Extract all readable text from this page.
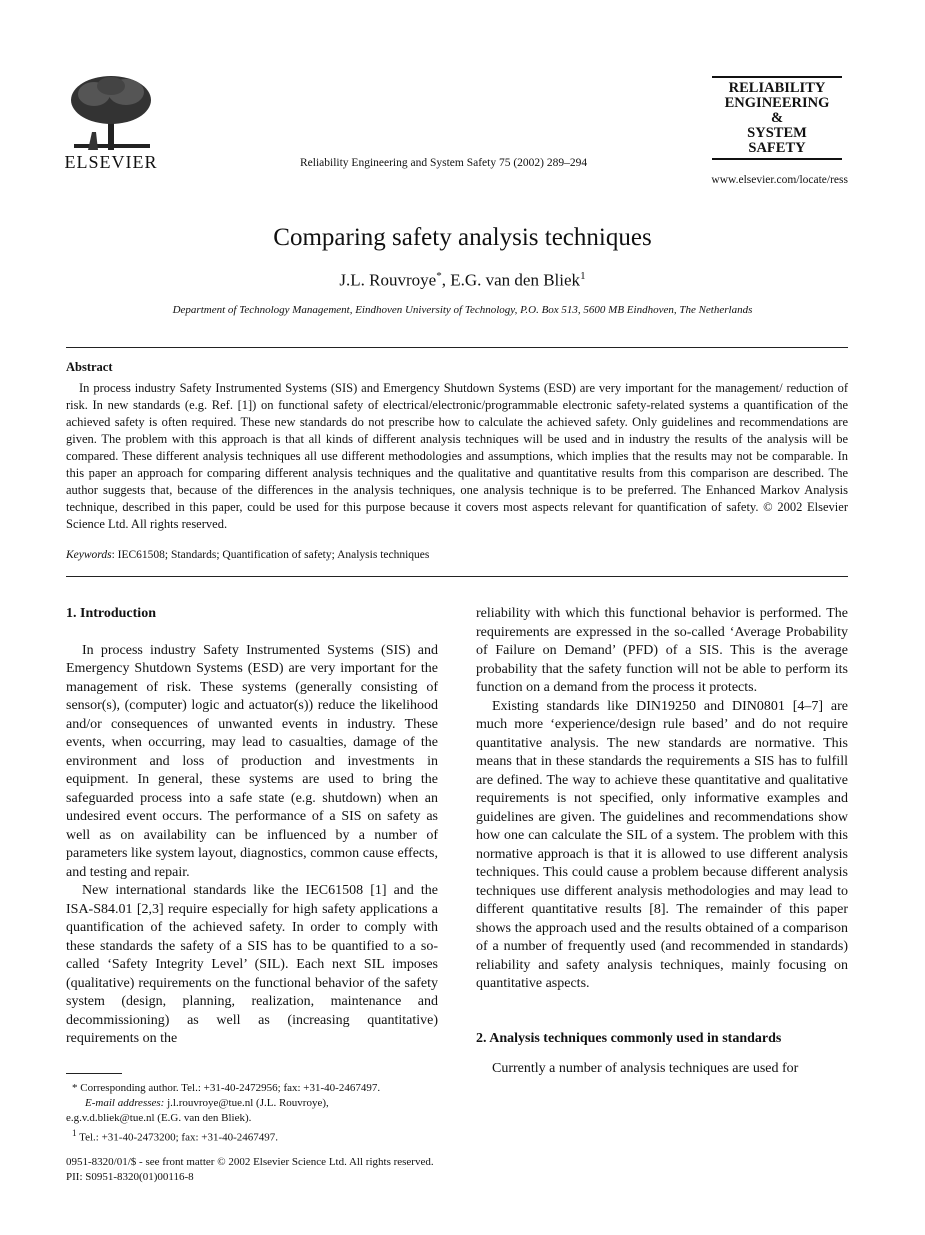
ELSEVIER	Reliability Engineering and System Safety 75 (2002) 289–294
RELIABILITY
ENGINEERING
&
SYSTEM
SAFETY
www.elsevier.com/locate/ress
Comparing safety analysis techniques
J.L. Rouvroye*, E.G. van den Bliek$^1$
Department of Technology Management, Eindhoven University of Technology, P.O. Box 513, 5600 MB Eindhoven, The Netherlands
Abstract
In process industry Safety Instrumented Systems (SIS) and Emergency Shutdown Systems (ESD) are very important for the management/ reduction of risk. In new standards (e.g. Ref. [1]) on functional safety of electrical/electronic/programmable electronic safety-related systems a quantification of the achieved safety is often required. These new standards do not prescribe how to calculate the achieved safety. Only guidelines and recommendations are given. The problem with this approach is that all kinds of different analysis techniques will be used and in industry the results of the analysis will be compared. These different analysis techniques all use different methodologies and assumptions, which implies that the results may not be comparable. In this paper an approach for comparing different analysis techniques and the qualitative and quantitative results from this comparison are described. The author suggests that, because of the differences in the analysis techniques, one analysis technique is to be preferred. The Enhanced Markov Analysis technique, described in this paper, could be used for this purpose because it covers most aspects relevant for quantification of safety. © 2002 Elsevier Science Ltd. All rights reserved.
Keywords: IEC61508; Standards; Quantification of safety; Analysis techniques
1. Introduction

In process industry Safety Instrumented Systems (SIS) and Emergency Shutdown Systems (ESD) are very important for the management of risk. These systems (generally consisting of sensor(s), (computer) logic and actuator(s)) reduce the likelihood and/or consequences of unwanted events in industry. These events, when occurring, may lead to casualties, damage of the environment and loss of production and investments in equipment. In general, these systems are used to bring the safeguarded process into a safe state (e.g. shutdown) when an undesired event occurs. The performance of a SIS on safety as well as on availability can be influenced by a number of parameters like system layout, diagnostics, common cause effects, and testing and repair.

New international standards like the IEC61508 [1] and the ISA-S84.01 [2,3] require especially for high safety applications a quantification of the achieved safety. In order to comply with these standards the safety of a SIS has to be quantified to a so-called ‘Safety Integrity Level’ (SIL). Each next SIL imposes (qualitative) requirements on the functional behavior of the safety system (design, planning, realization, maintenance and decommissioning) as well as (increasing quantitative) requirements on the

reliability with which this functional behavior is performed. The requirements are expressed in the so-called ‘Average Probability of Failure on Demand’ (PFD) of a SIS. This is the average probability that the safety function will not be able to perform its function on a demand from the process it protects.

Existing standards like DIN19250 and DIN0801 [4–7] are much more ‘experience/design rule based’ and do not require quantitative analysis. The new standards are normative. This means that in these standards the requirements a SIS has to fulfill are defined. The way to achieve these quantitative and qualitative requirements is not specified, only informative examples and guidelines are given. The guidelines and recommendations show how one can calculate the SIL of a system. The problem with this normative approach is that it is allowed to use different analysis techniques. This could cause a problem because different analysis techniques use different analysis methodologies and may lead to different quantitative results [8]. The remainder of this paper shows the approach used and the results obtained of a comparison of a number of frequently used (and recommended in standards) reliability and safety analysis techniques, mainly focusing on quantitative aspects.

2. Analysis techniques commonly used in standards

Currently a number of analysis techniques are used for

* Corresponding author. Tel.: +31-40-2472956; fax: +31-40-2467497.
E-mail addresses: j.l.rouvroye@tue.nl (J.L. Rouvroye),
e.g.v.d.bliek@tue.nl (E.G. van den Bliek).
$^1$ Tel.: +31-40-2473200; fax: +31-40-2467497.
0951-8320/01/$ - see front matter © 2002 Elsevier Science Ltd. All rights reserved.
PII: S0951-8320(01)00116-8
